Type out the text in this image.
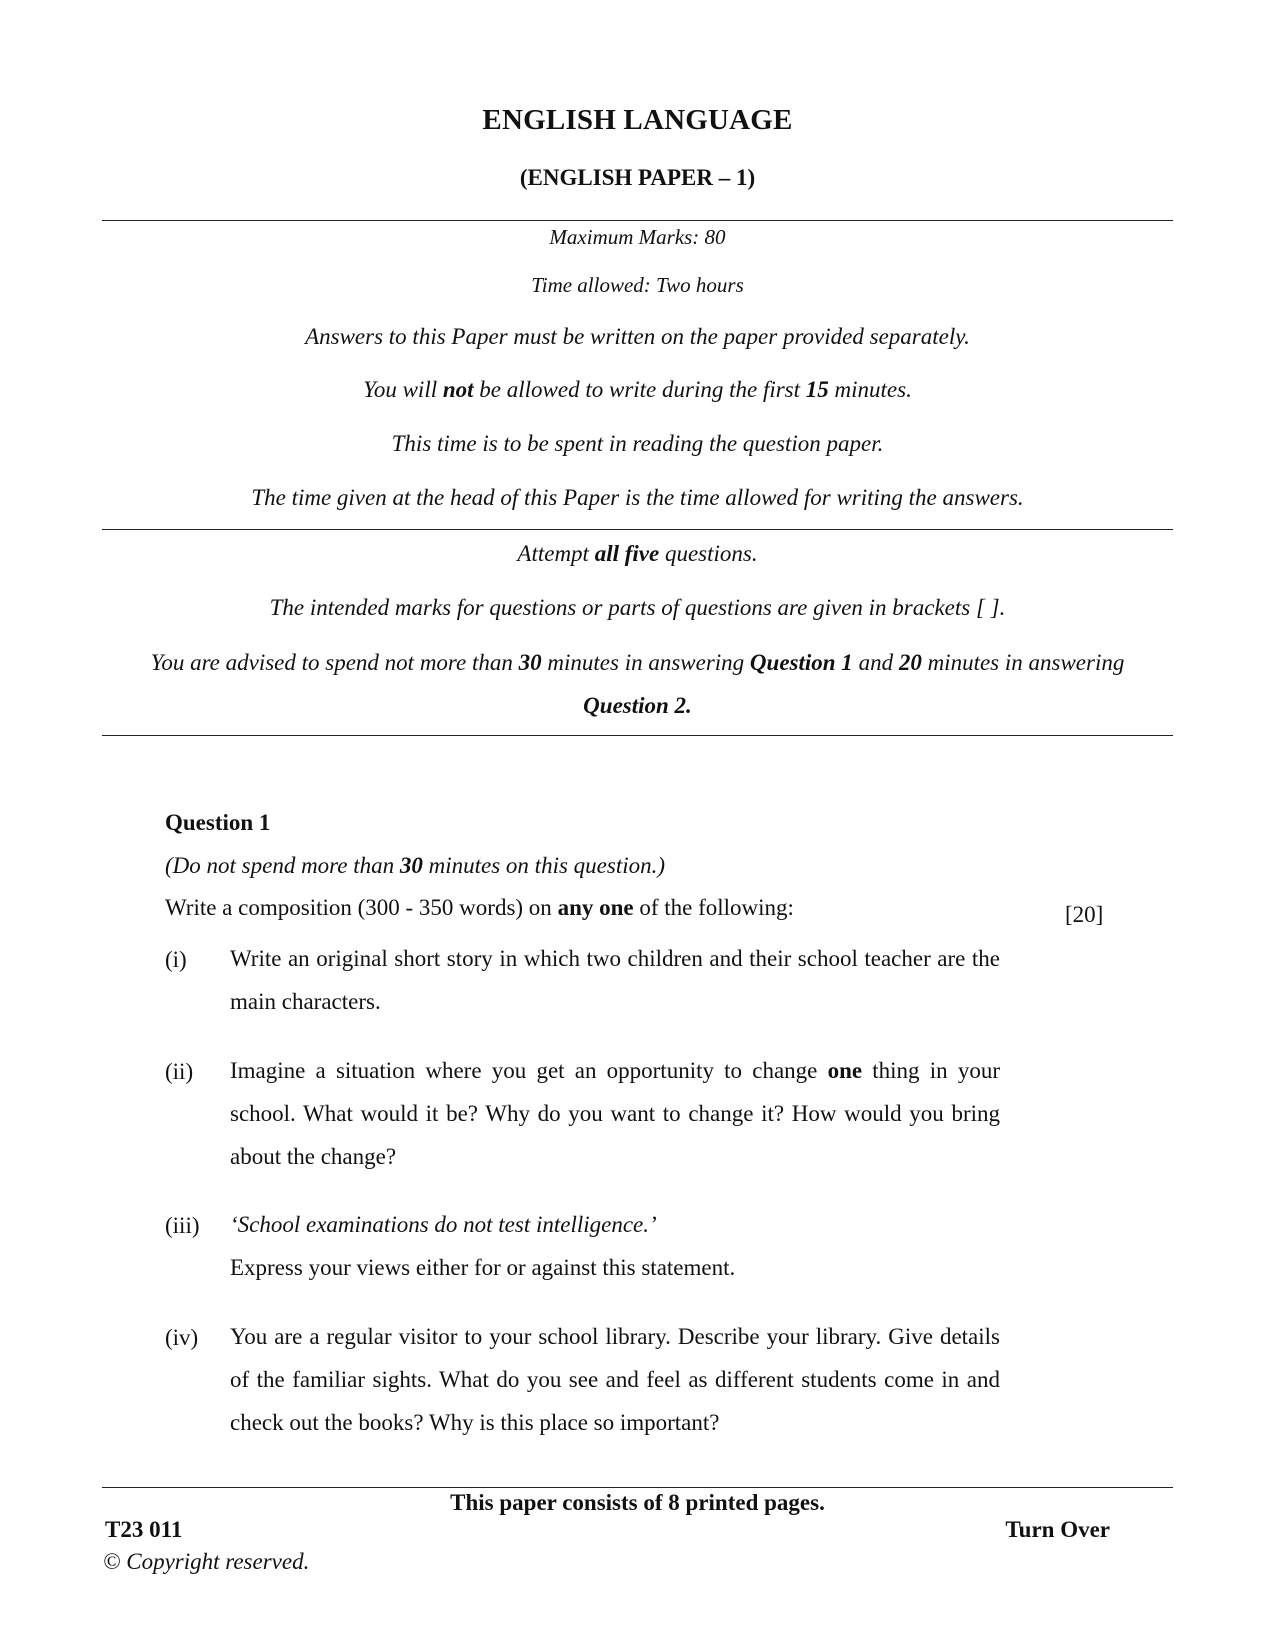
ENGLISH LANGUAGE
(ENGLISH PAPER – 1)
Maximum Marks: 80
Time allowed: Two hours
Answers to this Paper must be written on the paper provided separately.
You will not be allowed to write during the first 15 minutes.
This time is to be spent in reading the question paper.
The time given at the head of this Paper is the time allowed for writing the answers.
Attempt all five questions.
The intended marks for questions or parts of questions are given in brackets [ ].
You are advised to spend not more than 30 minutes in answering Question 1 and 20 minutes in answering
Question 2.
Question 1
(Do not spend more than 30 minutes on this question.)
Write a composition (300 - 350 words) on any one of the following:	[20]
(i) Write an original short story in which two children and their school teacher are the main characters.
(ii) Imagine a situation where you get an opportunity to change one thing in your school. What would it be? Why do you want to change it? How would you bring about the change?
(iii) ‘School examinations do not test intelligence.’
Express your views either for or against this statement.
(iv) You are a regular visitor to your school library. Describe your library. Give details of the familiar sights. What do you see and feel as different students come in and check out the books? Why is this place so important?
This paper consists of 8 printed pages.
T23 011	Turn Over
© Copyright reserved.
